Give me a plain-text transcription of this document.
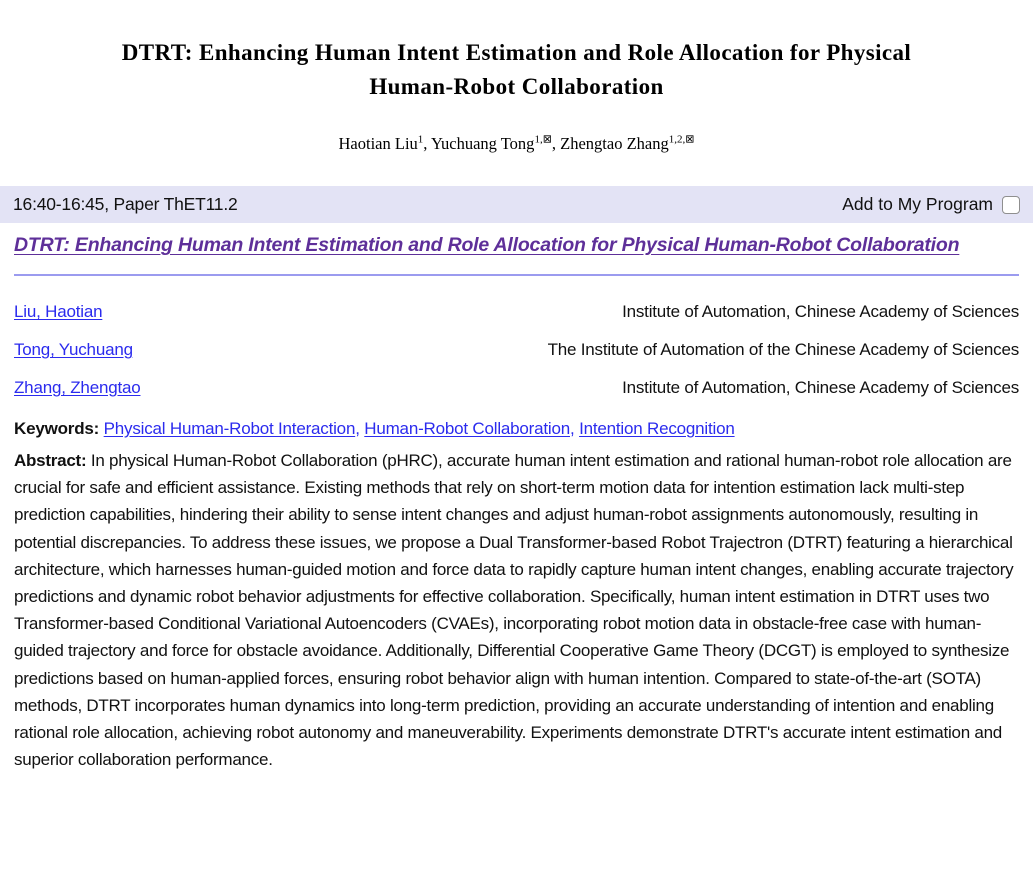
DTRT: Enhancing Human Intent Estimation and Role Allocation for Physical Human-Robot Collaboration
Haotian Liu$^1$, Yuchuang Tong$^{1,⊠}$, Zhengtao Zhang$^{1,2,⊠}$
16:40-16:45, Paper ThET11.2	Add to My Program
DTRT: Enhancing Human Intent Estimation and Role Allocation for Physical Human-Robot Collaboration
Liu, Haotian	Institute of Automation, Chinese Academy of Sciences
Tong, Yuchuang	The Institute of Automation of the Chinese Academy of Sciences
Zhang, Zhengtao	Institute of Automation, Chinese Academy of Sciences
Keywords: Physical Human-Robot Interaction, Human-Robot Collaboration, Intention Recognition
Abstract: In physical Human-Robot Collaboration (pHRC), accurate human intent estimation and rational human-robot role allocation are crucial for safe and efficient assistance. Existing methods that rely on short-term motion data for intention estimation lack multi-step prediction capabilities, hindering their ability to sense intent changes and adjust human-robot assignments autonomously, resulting in potential discrepancies. To address these issues, we propose a Dual Transformer-based Robot Trajectron (DTRT) featuring a hierarchical architecture, which harnesses human-guided motion and force data to rapidly capture human intent changes, enabling accurate trajectory predictions and dynamic robot behavior adjustments for effective collaboration. Specifically, human intent estimation in DTRT uses two Transformer-based Conditional Variational Autoencoders (CVAEs), incorporating robot motion data in obstacle-free case with human-guided trajectory and force for obstacle avoidance. Additionally, Differential Cooperative Game Theory (DCGT) is employed to synthesize predictions based on human-applied forces, ensuring robot behavior align with human intention. Compared to state-of-the-art (SOTA) methods, DTRT incorporates human dynamics into long-term prediction, providing an accurate understanding of intention and enabling rational role allocation, achieving robot autonomy and maneuverability. Experiments demonstrate DTRT's accurate intent estimation and superior collaboration performance.
